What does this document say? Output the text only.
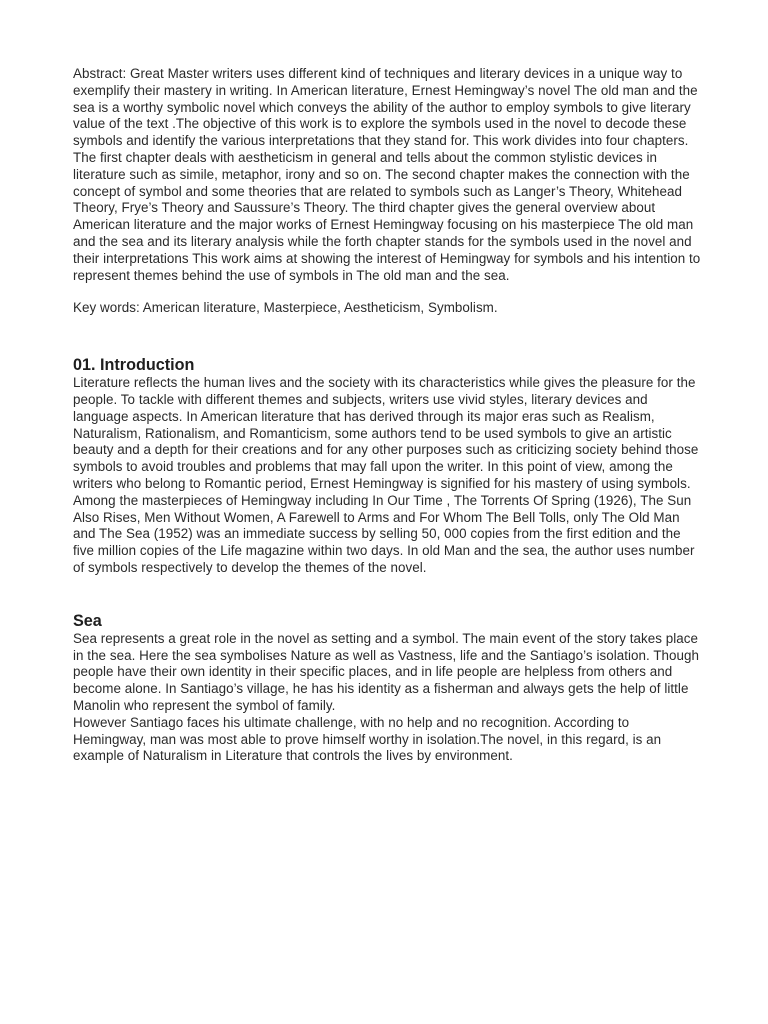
Abstract: Great Master writers uses different kind of techniques and literary devices in a unique way to exemplify their mastery in writing. In American literature, Ernest Hemingway’s novel The old man and the sea is a worthy symbolic novel which conveys the ability of the author to employ symbols to give literary value of the text .The objective of this work is to explore the symbols used in the novel to decode these symbols and identify the various interpretations that they stand for. This work divides into four chapters. The first chapter deals with aestheticism in general and tells about the common stylistic devices in literature such as simile, metaphor, irony and so on. The second chapter makes the connection with the concept of symbol and some theories that are related to symbols such as Langer’s Theory, Whitehead Theory, Frye’s Theory and Saussure’s Theory. The third chapter gives the general overview about American literature and the major works of Ernest Hemingway focusing on his masterpiece The old man and the sea and its literary analysis while the forth chapter stands for the symbols used in the novel and their interpretations This work aims at showing the interest of Hemingway for symbols and his intention to represent themes behind the use of symbols in The old man and the sea.

Key words: American literature, Masterpiece, Aestheticism, Symbolism.

01. Introduction

Literature reflects the human lives and the society with its characteristics while gives the pleasure for the people. To tackle with different themes and subjects, writers use vivid styles, literary devices and language aspects. In American literature that has derived through its major eras such as Realism, Naturalism, Rationalism, and Romanticism, some authors tend to be used symbols to give an artistic beauty and a depth for their creations and for any other purposes such as criticizing society behind those symbols to avoid troubles and problems that may fall upon the writer. In this point of view, among the writers who belong to Romantic period, Ernest Hemingway is signified for his mastery of using symbols. Among the masterpieces of Hemingway including In Our Time , The Torrents Of Spring (1926), The Sun Also Rises, Men Without Women, A Farewell to Arms and For Whom The Bell Tolls, only The Old Man and The Sea (1952) was an immediate success by selling 50, 000 copies from the first edition and the five million copies of the Life magazine within two days. In old Man and the sea, the author uses number of symbols respectively to develop the themes of the novel.

Sea

Sea represents a great role in the novel as setting and a symbol. The main event of the story takes place in the sea. Here the sea symbolises Nature as well as Vastness, life and the Santiago’s isolation. Though people have their own identity in their specific places, and in life people are helpless from others and become alone. In Santiago’s village, he has his identity as a fisherman and always gets the help of little Manolin who represent the symbol of family.

However Santiago faces his ultimate challenge, with no help and no recognition. According to Hemingway, man was most able to prove himself worthy in isolation.The novel, in this regard, is an example of Naturalism in Literature that controls the lives by environment.
